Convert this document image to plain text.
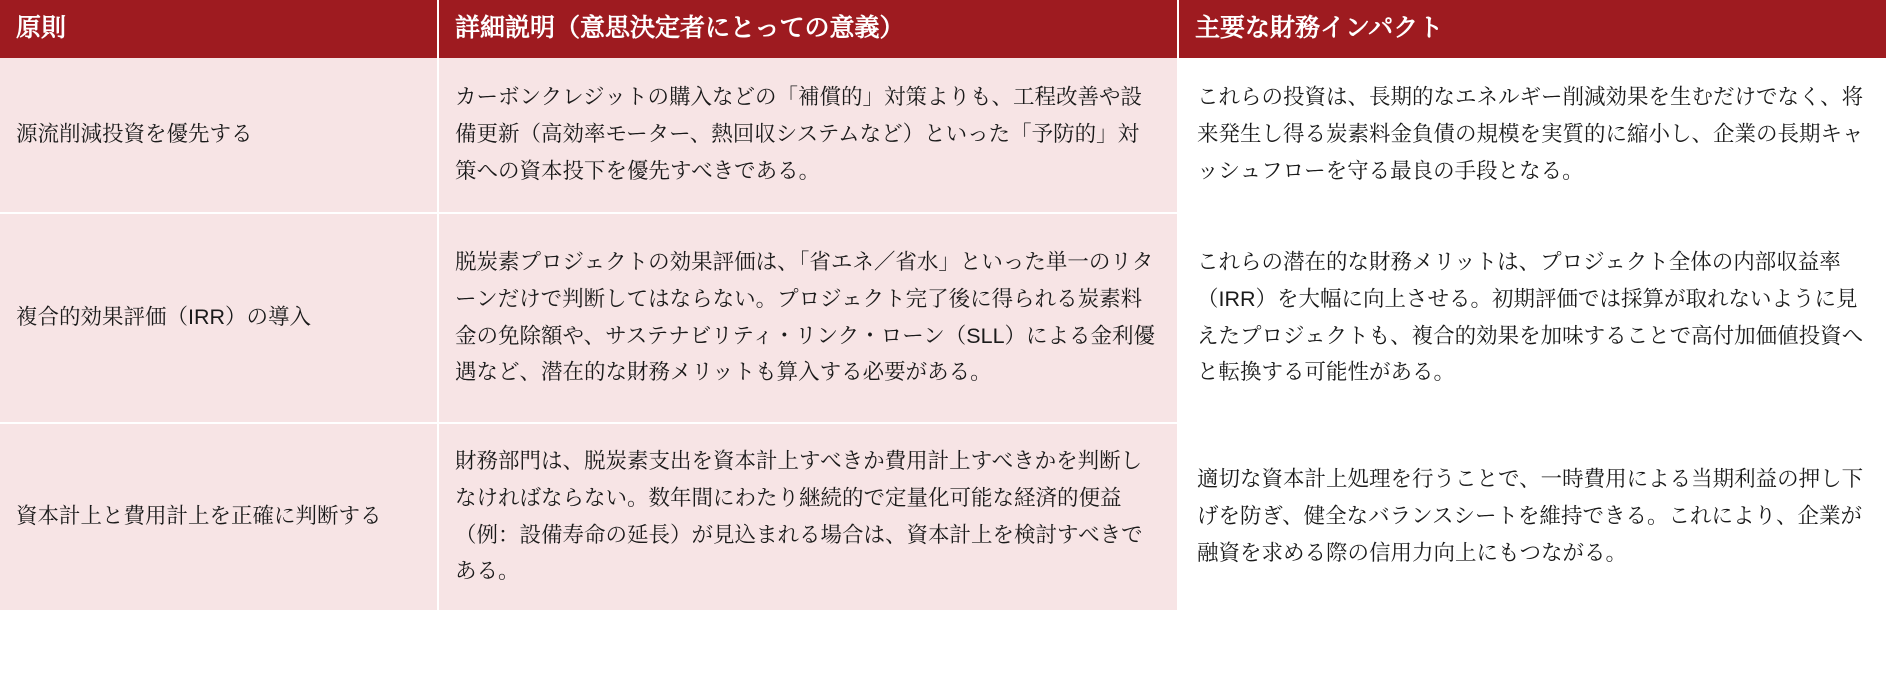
原則	詳細説明（意思決定者にとっての意義）	主要な財務インパクト

源流削減投資を優先する	カーボンクレジットの購入などの「補償的」対策よりも、工程改善や設備更新（高効率モーター、熱回収システムなど）といった「予防的」対策への資本投下を優先すべきである。	これらの投資は、長期的なエネルギー削減効果を生むだけでなく、将来発生し得る炭素料金負債の規模を実質的に縮小し、企業の長期キャッシュフローを守る最良の手段となる。

複合的効果評価（IRR）の導入	脱炭素プロジェクトの効果評価は、「省エネ／省水」といった単一のリターンだけで判断してはならない。プロジェクト完了後に得られる炭素料金の免除額や、サステナビリティ・リンク・ローン（SLL）による金利優遇など、潜在的な財務メリットも算入する必要がある。	これらの潜在的な財務メリットは、プロジェクト全体の内部収益率（IRR）を大幅に向上させる。初期評価では採算が取れないように見えたプロジェクトも、複合的効果を加味することで高付加価値投資へと転換する可能性がある。

資本計上と費用計上を正確に判断する	財務部門は、脱炭素支出を資本計上すべきか費用計上すべきかを判断しなければならない。数年間にわたり継続的で定量化可能な経済的便益（例：設備寿命の延長）が見込まれる場合は、資本計上を検討すべきである。	適切な資本計上処理を行うことで、一時費用による当期利益の押し下げを防ぎ、健全なバランスシートを維持できる。これにより、企業が融資を求める際の信用力向上にもつながる。
